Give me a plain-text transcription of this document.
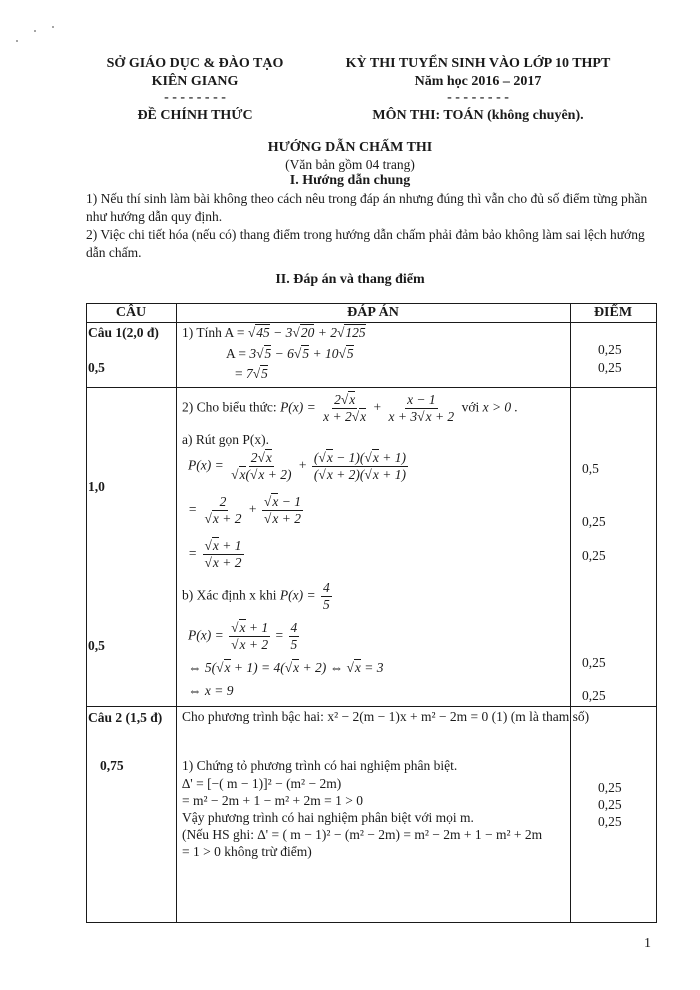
SỞ GIÁO DỤC & ĐÀO TẠO
KIÊN GIANG
- - - - - - - -
ĐỀ CHÍNH THỨC
KỲ THI TUYỂN SINH VÀO LỚP 10 THPT
Năm học 2016 – 2017
- - - - - - - -
MÔN THI: TOÁN (không chuyên).
HƯỚNG DẪN CHẤM THI
(Văn bản gồm 04 trang)
I. Hướng dẫn chung
1) Nếu thí sinh làm bài không theo cách nêu trong đáp án nhưng đúng thì vẫn cho đủ số điểm từng phần như hướng dẫn quy định.
2) Việc chi tiết hóa (nếu có) thang điểm trong hướng dẫn chấm phải đảm bảo không làm sai lệch hướng dẫn chấm.
II. Đáp án và thang điểm
CÂU	ĐÁP ÁN	ĐIỂM
Câu 1(2,0 đ)
0,5
1,0
0,5
Câu 2 (1,5 đ)
0,75
1) Tính A = √45 − 3√20 + 2√125
A = 3√5 − 6√5 + 10√5
= 7√5
2) Cho biểu thức: $P(x) = \frac{2√x}{x + 2√x} + \frac{x - 1}{x + 3√x + 2}$ với x > 0 .
a) Rút gọn P(x).
$P(x) = \frac{2√x}{√x(√x + 2)} + \frac{(√x - 1)(√x + 1)}{(√x + 2)(√x + 1)}$
= $\frac{2}{√x + 2} + \frac{√x - 1}{√x + 2}$
= $\frac{√x + 1}{√x + 2}$
b) Xác định x khi $P(x) = \frac{4}{5}$
$P(x) = \frac{√x + 1}{√x + 2} = \frac{4}{5}$
⇔ 5(√x + 1) = 4(√x + 2) ⇔ √x = 3
⇔ x = 9
Cho phương trình bậc hai: x² − 2(m − 1)x + m² − 2m = 0 (1) (m là tham số)
1) Chứng tỏ phương trình có hai nghiệm phân biệt.
∆' = [−( m − 1)]² − (m² − 2m)
= m² − 2m + 1 − m² + 2m = 1 > 0
Vậy phương trình có hai nghiệm phân biệt với mọi m.
(Nếu HS ghi: ∆' = ( m − 1)² − (m² − 2m) = m² − 2m + 1 − m² + 2m
= 1 > 0 không trừ điểm)
0,25
0,25
0,5
0,25
0,25
0,25
0,25
0,25
0,25
0,25
1
